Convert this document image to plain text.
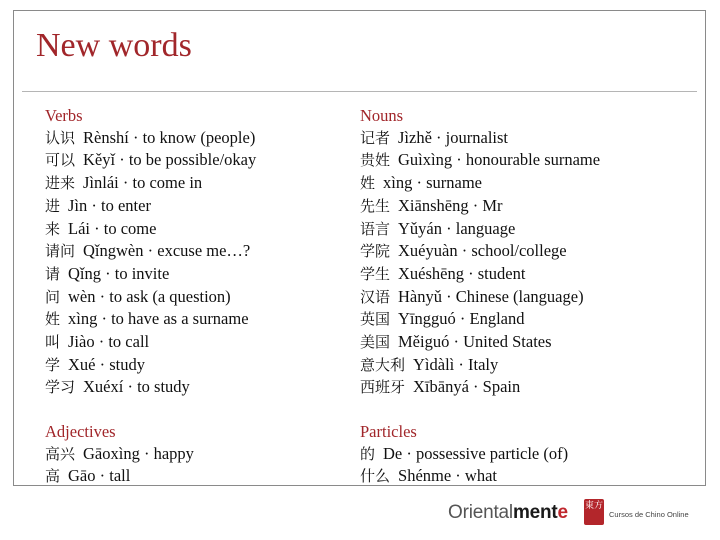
New words
Verbs
认识 Rènshí · to know (people)
可以 Kěyǐ · to be possible/okay
进来 Jìnlái · to come in
进 Jìn · to enter
来 Lái · to come
请问 Qǐngwèn · excuse me…?
请 Qǐng · to invite
问 wèn · to ask (a question)
姓 xìng · to have as a surname
叫 Jiào · to call
学 Xué · study
学习 Xuéxí · to study
Adjectives
高兴 Gāoxìng · happy
高 Gāo · tall
Nouns
记者 Jìzhě · journalist
贵姓 Guìxìng · honourable surname
姓 xìng · surname
先生 Xiānshēng · Mr
语言 Yǔyán · language
学院 Xuéyuàn · school/college
学生 Xuéshēng · student
汉语 Hànyǔ · Chinese (language)
英国 Yīngguó · England
美国 Měiguó · United States
意大利 Yìdàlì · Italy
西班牙 Xībānyá · Spain
Particles
的 De · possessive particle (of)
什么 Shénme · what
Orientalmente 東方
Cursos de Chino Online
